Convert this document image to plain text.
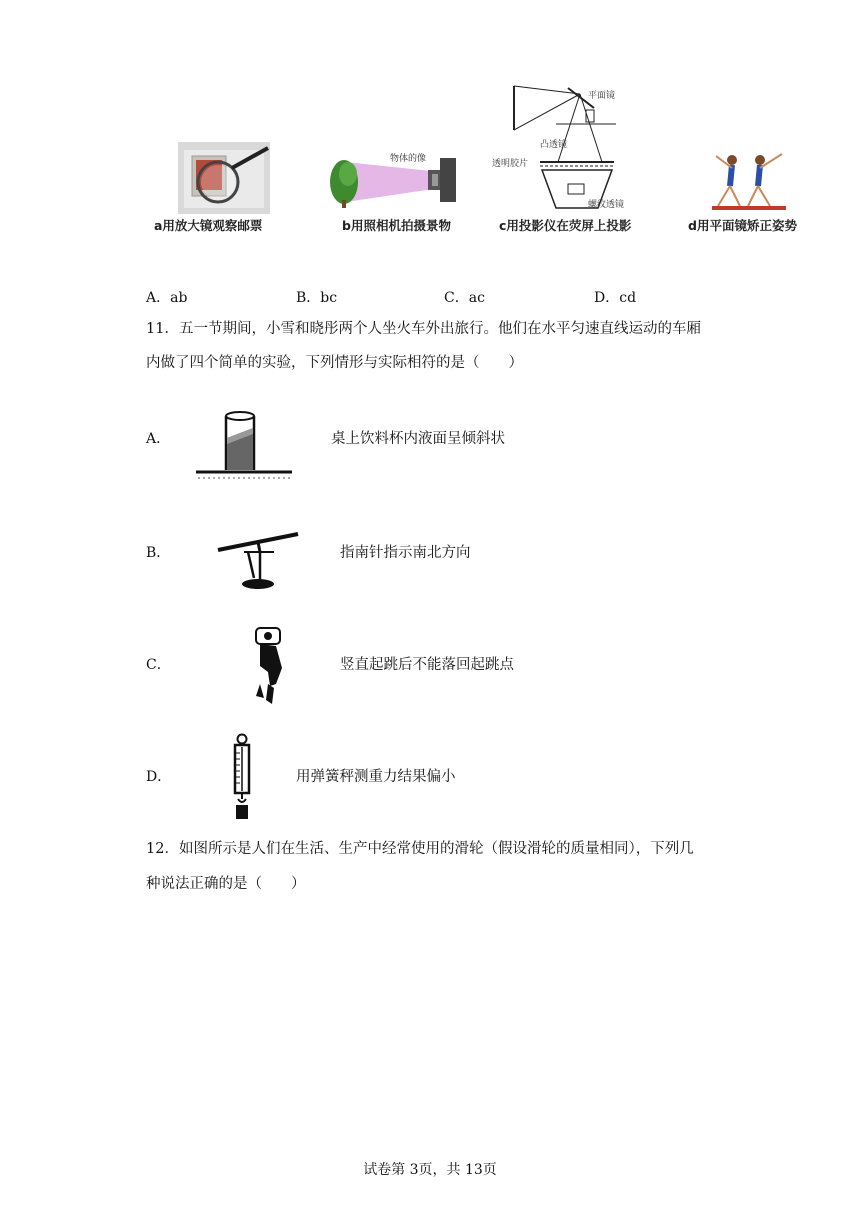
a用放大镜观察邮票
物体的像
b用照相机拍摄景物
平面镜
凸透镜
透明胶片
螺纹透镜
c用投影仪在荧屏上投影	d用平面镜矫正姿势
A．ab	B．bc	C．ac	D．cd
11．五一节期间，小雪和晓彤两个人坐火车外出旅行。他们在水平匀速直线运动的车厢
内做了四个简单的实验，下列情形与实际相符的是（　　）
A．	桌上饮料杯内液面呈倾斜状
B．	指南针指示南北方向
C．	竖直起跳后不能落回起跳点
D．	用弹簧秤测重力结果偏小
12．如图所示是人们在生活、生产中经常使用的滑轮（假设滑轮的质量相同），下列几
种说法正确的是（　　）
试卷第 3页，共 13页
